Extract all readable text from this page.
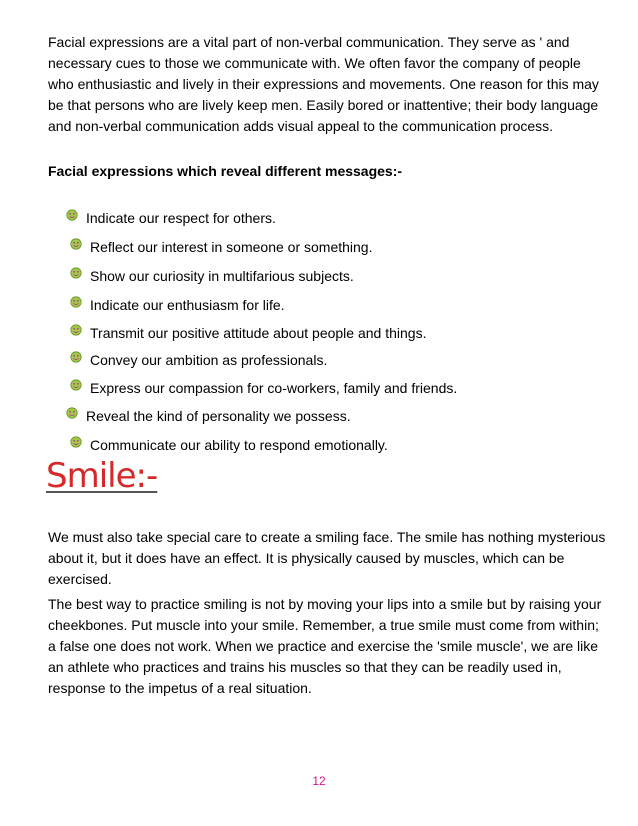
Facial expressions are a vital part of non-verbal communication. They serve as ' and necessary cues to those we communicate with. We often favor the company of people who enthusiastic and lively in their expressions and movements. One reason for this may be that persons who are lively keep men. Easily bored or inattentive; their body language and non-verbal communication adds visual appeal to the communication process.

Facial expressions which reveal different messages:-

Indicate our respect for others.
Reflect our interest in someone or something.
Show our curiosity in multifarious subjects.
Indicate our enthusiasm for life.
Transmit our positive attitude about people and things.
Convey our ambition as professionals.
Express our compassion for co-workers, family and friends.
Reveal the kind of personality we possess.
Communicate our ability to respond emotionally.
Smile:-

We must also take special care to create a smiling face. The smile has nothing mysterious about it, but it does have an effect. It is physically caused by muscles, which can be exercised.

The best way to practice smiling is not by moving your lips into a smile but by raising your cheekbones. Put muscle into your smile. Remember, a true smile must come from within; a false one does not work. When we practice and exercise the 'smile muscle', we are like an athlete who practices and trains his muscles so that they can be readily used in, response to the impetus of a real situation.

12
